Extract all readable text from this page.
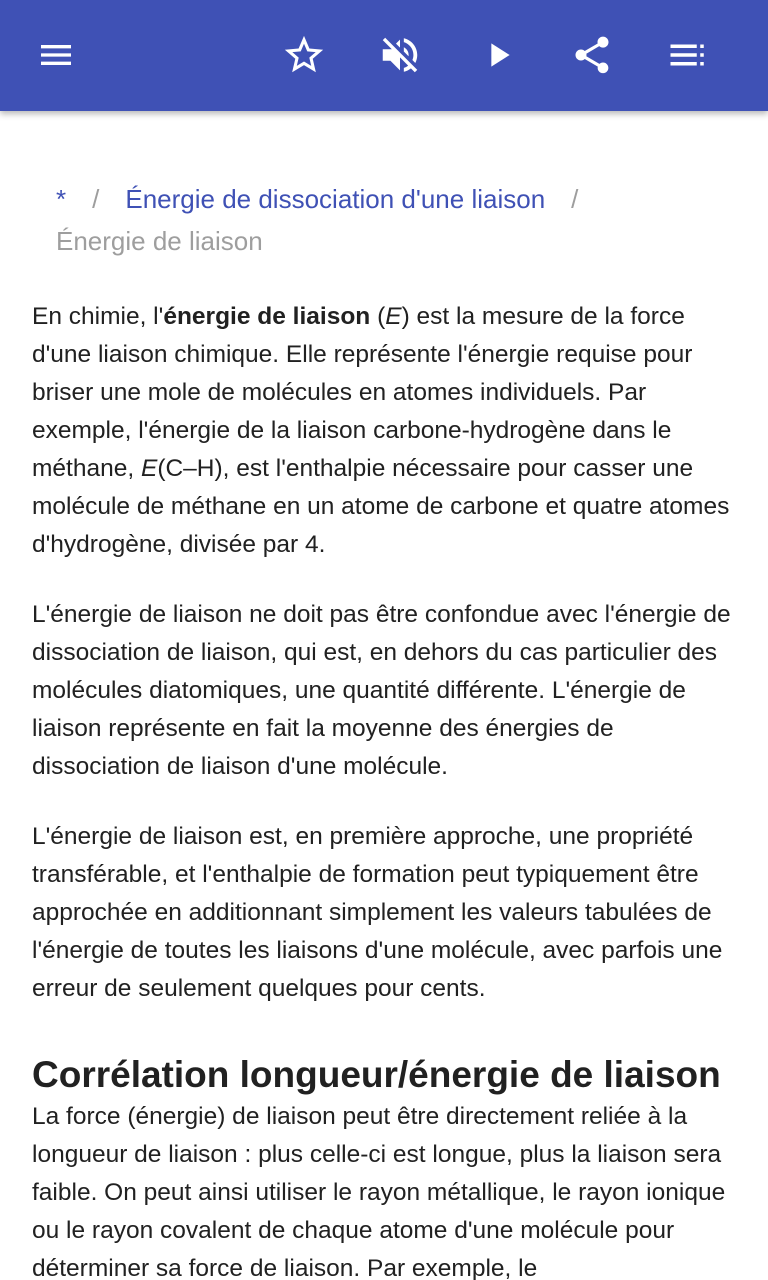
* / Énergie de dissociation d'une liaison /
Énergie de liaison

En chimie, l'énergie de liaison (E) est la mesure de la force d'une liaison chimique. Elle représente l'énergie requise pour briser une mole de molécules en atomes individuels. Par exemple, l'énergie de la liaison carbone-hydrogène dans le méthane, E(C–H), est l'enthalpie nécessaire pour casser une molécule de méthane en un atome de carbone et quatre atomes d'hydrogène, divisée par 4.

L'énergie de liaison ne doit pas être confondue avec l'énergie de dissociation de liaison, qui est, en dehors du cas particulier des molécules diatomiques, une quantité différente. L'énergie de liaison représente en fait la moyenne des énergies de dissociation de liaison d'une molécule.

L'énergie de liaison est, en première approche, une propriété transférable, et l'enthalpie de formation peut typiquement être approchée en additionnant simplement les valeurs tabulées de l'énergie de toutes les liaisons d'une molécule, avec parfois une erreur de seulement quelques pour cents.

Corrélation longueur/énergie de liaison

La force (énergie) de liaison peut être directement reliée à la longueur de liaison : plus celle-ci est longue, plus la liaison sera faible. On peut ainsi utiliser le rayon métallique, le rayon ionique ou le rayon covalent de chaque atome d'une molécule pour déterminer sa force de liaison. Par exemple, le
